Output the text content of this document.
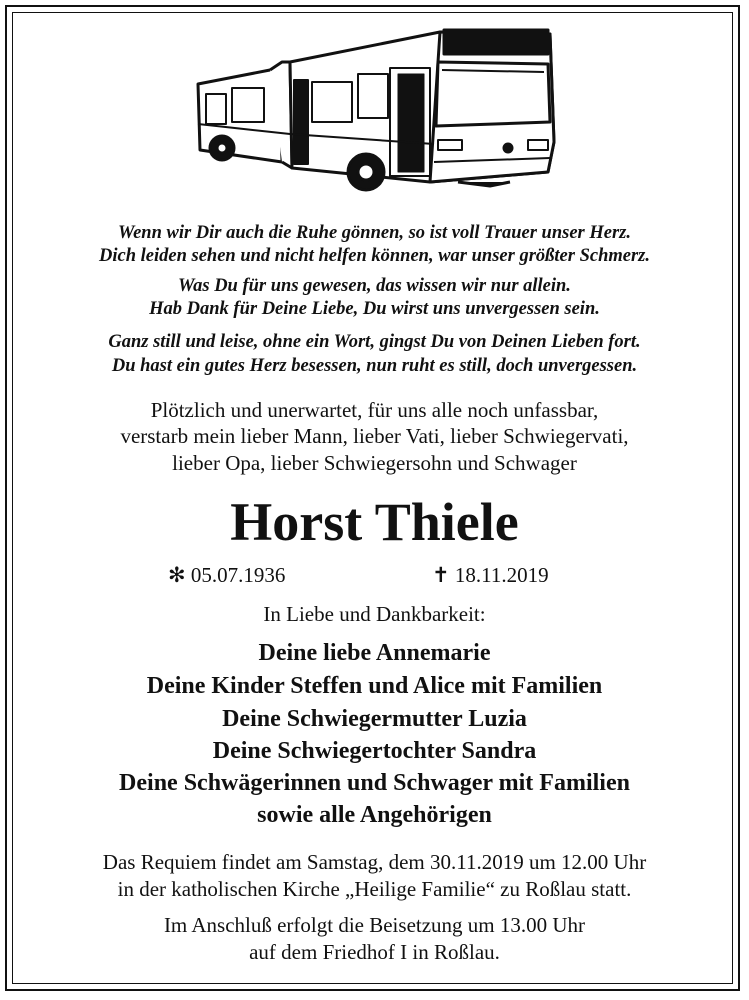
Wenn wir Dir auch die Ruhe gönnen, so ist voll Trauer unser Herz.
Dich leiden sehen und nicht helfen können, war unser größter Schmerz.
Was Du für uns gewesen, das wissen wir nur allein.
Hab Dank für Deine Liebe, Du wirst uns unvergessen sein.
Ganz still und leise, ohne ein Wort, gingst Du von Deinen Lieben fort.
Du hast ein gutes Herz besessen, nun ruht es still, doch unvergessen.
Plötzlich und unerwartet, für uns alle noch unfassbar,
verstarb mein lieber Mann, lieber Vati, lieber Schwiegervati,
lieber Opa, lieber Schwiegersohn und Schwager
Horst Thiele
✻ 05.07.1936	✝ 18.11.2019
In Liebe und Dankbarkeit:
Deine liebe Annemarie
Deine Kinder Steffen und Alice mit Familien
Deine Schwiegermutter Luzia
Deine Schwiegertochter Sandra
Deine Schwägerinnen und Schwager mit Familien
sowie alle Angehörigen
Das Requiem findet am Samstag, dem 30.11.2019 um 12.00 Uhr
in der katholischen Kirche „Heilige Familie“ zu Roßlau statt.
Im Anschluß erfolgt die Beisetzung um 13.00 Uhr
auf dem Friedhof I in Roßlau.
